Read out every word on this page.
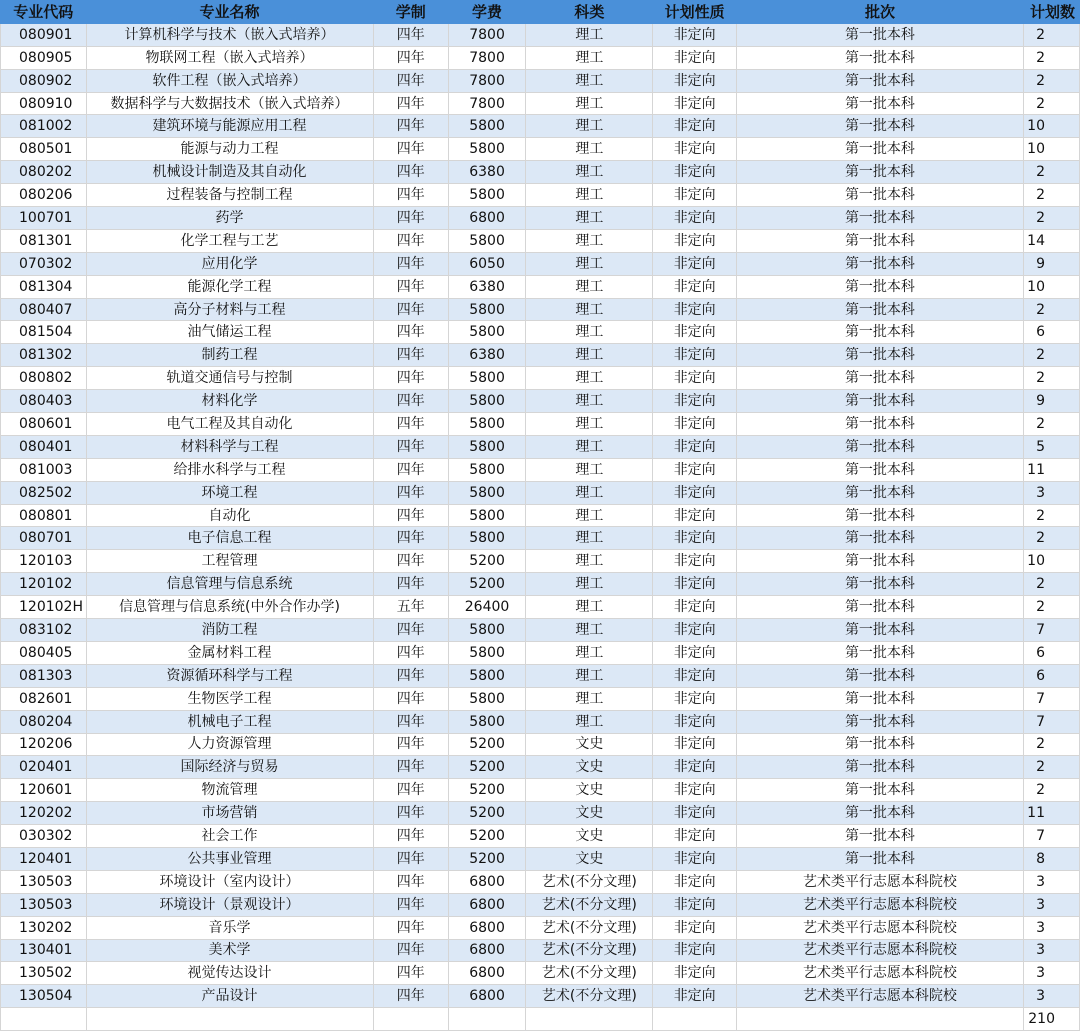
专业代码	专业名称	学制	学费	科类	计划性质	批次	计划数
080901	计算机科学与技术（嵌入式培养）	四年	7800	理工	非定向	第一批本科	2
080905	物联网工程（嵌入式培养）	四年	7800	理工	非定向	第一批本科	2
080902	软件工程（嵌入式培养）	四年	7800	理工	非定向	第一批本科	2
080910	数据科学与大数据技术（嵌入式培养）	四年	7800	理工	非定向	第一批本科	2
081002	建筑环境与能源应用工程	四年	5800	理工	非定向	第一批本科	10
080501	能源与动力工程	四年	5800	理工	非定向	第一批本科	10
080202	机械设计制造及其自动化	四年	6380	理工	非定向	第一批本科	2
080206	过程装备与控制工程	四年	5800	理工	非定向	第一批本科	2
100701	药学	四年	6800	理工	非定向	第一批本科	2
081301	化学工程与工艺	四年	5800	理工	非定向	第一批本科	14
070302	应用化学	四年	6050	理工	非定向	第一批本科	9
081304	能源化学工程	四年	6380	理工	非定向	第一批本科	10
080407	高分子材料与工程	四年	5800	理工	非定向	第一批本科	2
081504	油气储运工程	四年	5800	理工	非定向	第一批本科	6
081302	制药工程	四年	6380	理工	非定向	第一批本科	2
080802	轨道交通信号与控制	四年	5800	理工	非定向	第一批本科	2
080403	材料化学	四年	5800	理工	非定向	第一批本科	9
080601	电气工程及其自动化	四年	5800	理工	非定向	第一批本科	2
080401	材料科学与工程	四年	5800	理工	非定向	第一批本科	5
081003	给排水科学与工程	四年	5800	理工	非定向	第一批本科	11
082502	环境工程	四年	5800	理工	非定向	第一批本科	3
080801	自动化	四年	5800	理工	非定向	第一批本科	2
080701	电子信息工程	四年	5800	理工	非定向	第一批本科	2
120103	工程管理	四年	5200	理工	非定向	第一批本科	10
120102	信息管理与信息系统	四年	5200	理工	非定向	第一批本科	2
120102H	信息管理与信息系统(中外合作办学)	五年	26400	理工	非定向	第一批本科	2
083102	消防工程	四年	5800	理工	非定向	第一批本科	7
080405	金属材料工程	四年	5800	理工	非定向	第一批本科	6
081303	资源循环科学与工程	四年	5800	理工	非定向	第一批本科	6
082601	生物医学工程	四年	5800	理工	非定向	第一批本科	7
080204	机械电子工程	四年	5800	理工	非定向	第一批本科	7
120206	人力资源管理	四年	5200	文史	非定向	第一批本科	2
020401	国际经济与贸易	四年	5200	文史	非定向	第一批本科	2
120601	物流管理	四年	5200	文史	非定向	第一批本科	2
120202	市场营销	四年	5200	文史	非定向	第一批本科	11
030302	社会工作	四年	5200	文史	非定向	第一批本科	7
120401	公共事业管理	四年	5200	文史	非定向	第一批本科	8
130503	环境设计（室内设计）	四年	6800	艺术(不分文理)	非定向	艺术类平行志愿本科院校	3
130503	环境设计（景观设计）	四年	6800	艺术(不分文理)	非定向	艺术类平行志愿本科院校	3
130202	音乐学	四年	6800	艺术(不分文理)	非定向	艺术类平行志愿本科院校	3
130401	美术学	四年	6800	艺术(不分文理)	非定向	艺术类平行志愿本科院校	3
130502	视觉传达设计	四年	6800	艺术(不分文理)	非定向	艺术类平行志愿本科院校	3
130504	产品设计	四年	6800	艺术(不分文理)	非定向	艺术类平行志愿本科院校	3
							210
